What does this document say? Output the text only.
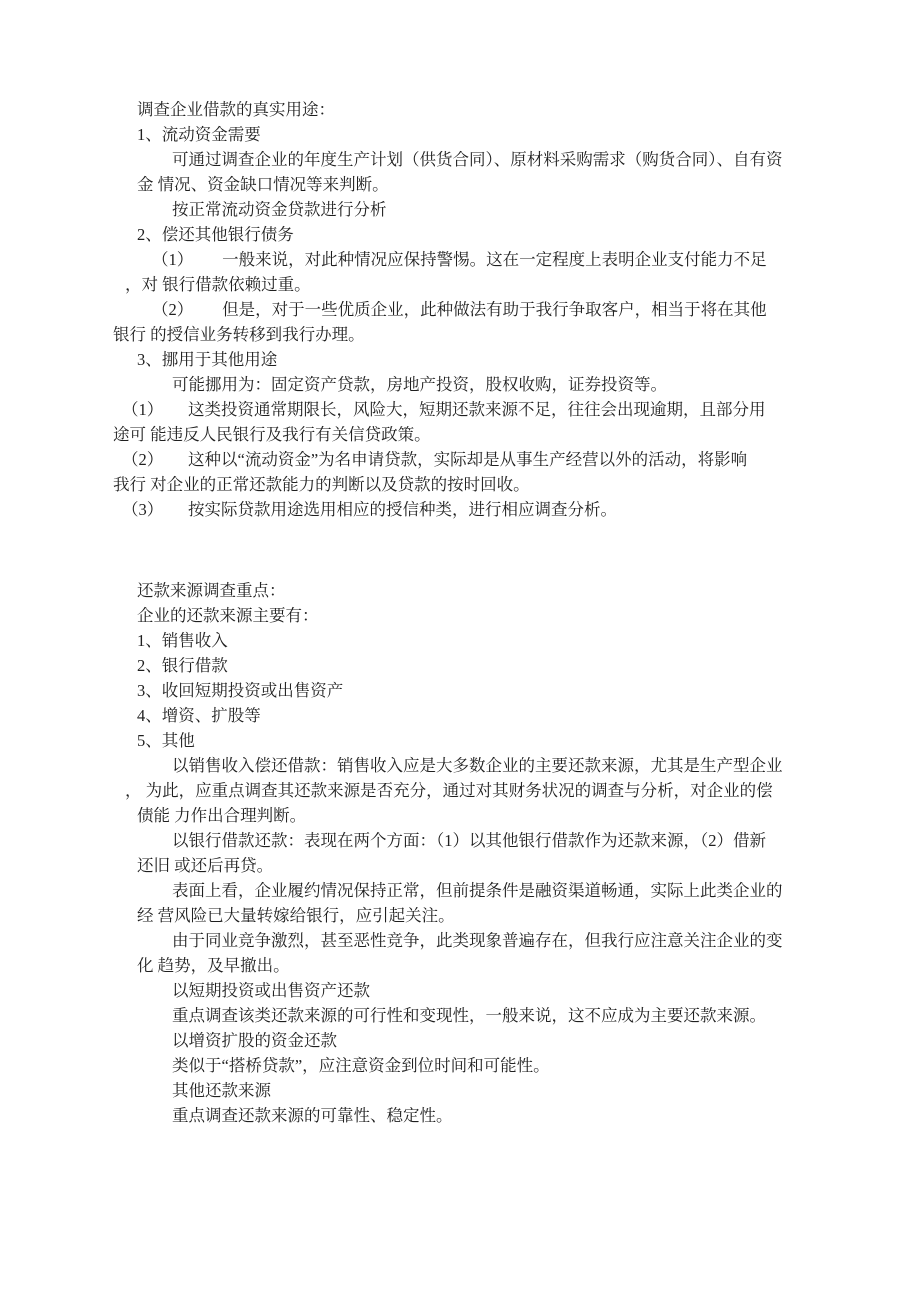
调查企业借款的真实用途：
1、流动资金需要
可通过调查企业的年度生产计划（供货合同）、原材料采购需求（购货合同）、自有资
金 情况、资金缺口情况等来判断。
按正常流动资金贷款进行分析
2、偿还其他银行债务
（1）　　 一般来说，对此种情况应保持警惕。这在一定程度上表明企业支付能力不足
，对 银行借款依赖过重。
（2）　　 但是，对于一些优质企业，此种做法有助于我行争取客户，相当于将在其他
银行 的授信业务转移到我行办理。
3、挪用于其他用途
可能挪用为：固定资产贷款，房地产投资，股权收购，证券投资等。
（1）　　这类投资通常期限长，风险大，短期还款来源不足，往往会出现逾期，且部分用
途可 能违反人民银行及我行有关信贷政策。
（2）　　这种以“流动资金”为名申请贷款，实际却是从事生产经营以外的活动，将影响
我行 对企业的正常还款能力的判断以及贷款的按时回收。
（3）　　按实际贷款用途选用相应的授信种类，进行相应调查分析。
还款来源调查重点：
企业的还款来源主要有：
1、销售收入
2、银行借款
3、收回短期投资或出售资产
4、增资、扩股等
5、其他
以销售收入偿还借款：销售收入应是大多数企业的主要还款来源，尤其是生产型企业
， 为此，应重点调查其还款来源是否充分，通过对其财务状况的调查与分析，对企业的偿
债能 力作出合理判断。
以银行借款还款：表现在两个方面：（1）以其他银行借款作为还款来源，（2）借新
还旧 或还后再贷。
表面上看，企业履约情况保持正常，但前提条件是融资渠道畅通，实际上此类企业的
经 营风险已大量转嫁给银行，应引起关注。
由于同业竞争激烈，甚至恶性竞争，此类现象普遍存在，但我行应注意关注企业的变
化 趋势，及早撤出。
以短期投资或出售资产还款
重点调查该类还款来源的可行性和变现性，一般来说，这不应成为主要还款来源。
以增资扩股的资金还款
类似于“搭桥贷款”，应注意资金到位时间和可能性。
其他还款来源
重点调查还款来源的可靠性、稳定性。
